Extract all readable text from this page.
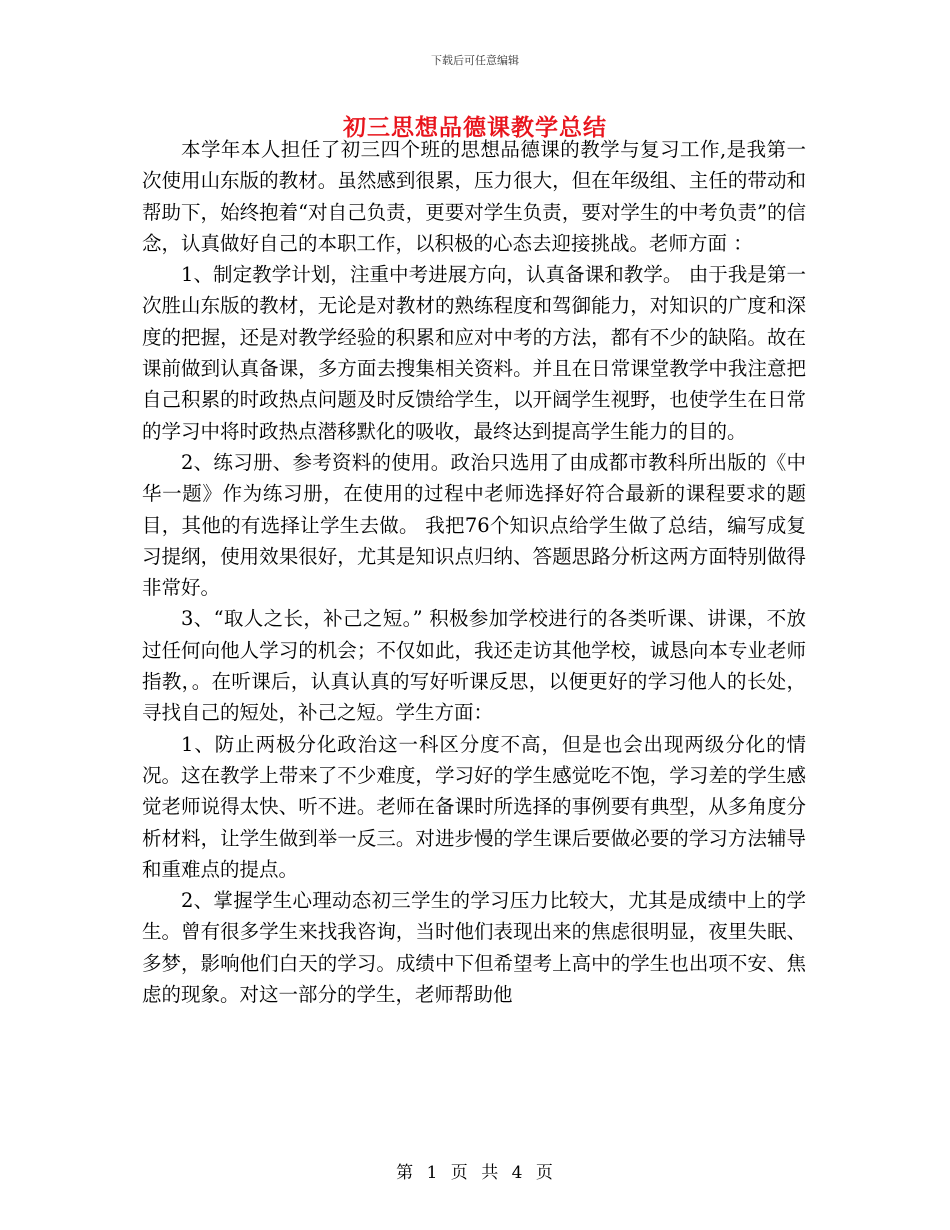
下载后可任意编辑
初三思想品德课教学总结

本学年本人担任了初三四个班的思想品德课的教学与复习工作,是我第一次使用山东版的教材。虽然感到很累，压力很大，但在年级组、主任的带动和帮助下，始终抱着“对自己负责，更要对学生负责，要对学生的中考负责”的信念，认真做好自己的本职工作，以积极的心态去迎接挑战。老师方面 ：

1、制定教学计划，注重中考进展方向，认真备课和教学。 由于我是第一次胜山东版的教材，无论是对教材的熟练程度和驾御能力，对知识的广度和深度的把握，还是对教学经验的积累和应对中考的方法，都有不少的缺陷。故在课前做到认真备课，多方面去搜集相关资料。并且在日常课堂教学中我注意把自己积累的时政热点问题及时反馈给学生，以开阔学生视野，也使学生在日常的学习中将时政热点潜移默化的吸收，最终达到提高学生能力的目的。

2、练习册、参考资料的使用。政治只选用了由成都市教科所出版的《中华一题》作为练习册，在使用的过程中老师选择好符合最新的课程要求的题目，其他的有选择让学生去做。 我把76个知识点给学生做了总结，编写成复习提纲，使用效果很好，尤其是知识点归纳、答题思路分析这两方面特别做得非常好。

3、“取人之长，补己之短。” 积极参加学校进行的各类听课、讲课，不放过任何向他人学习的机会；不仅如此，我还走访其他学校，诚恳向本专业老师指教，。在听课后，认真认真的写好听课反思，以便更好的学习他人的长处，寻找自己的短处，补己之短。学生方面：

1、防止两极分化政治这一科区分度不高，但是也会出现两级分化的情况。这在教学上带来了不少难度，学习好的学生感觉吃不饱，学习差的学生感觉老师说得太快、听不进。老师在备课时所选择的事例要有典型，从多角度分析材料，让学生做到举一反三。对进步慢的学生课后要做必要的学习方法辅导和重难点的提点。

2、掌握学生心理动态初三学生的学习压力比较大，尤其是成绩中上的学生。曾有很多学生来找我咨询，当时他们表现出来的焦虑很明显，夜里失眠、多梦，影响他们白天的学习。成绩中下但希望考上高中的学生也出项不安、焦虑的现象。对这一部分的学生，老师帮助他

第 1 页 共 4 页
